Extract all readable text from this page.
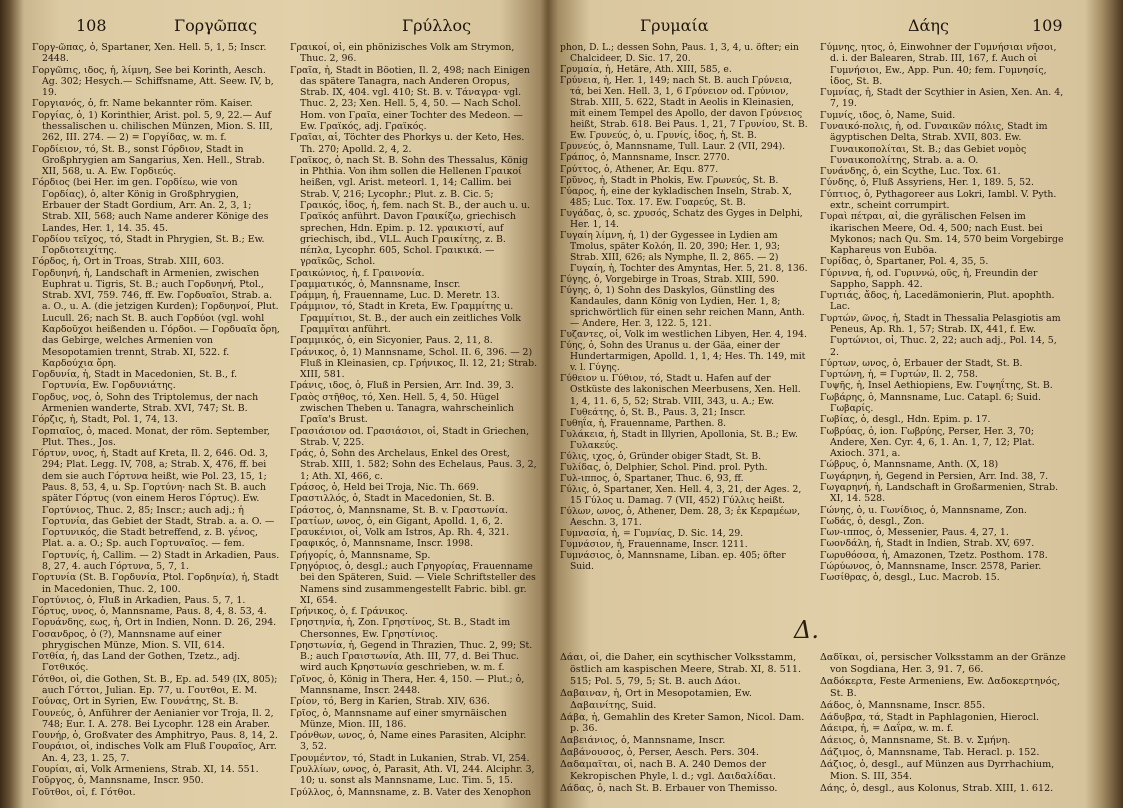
108	Γοργῶπας	Γρύλλος

Γοργ-ῶπας, ὁ, Spartaner, Xen. Hell. 5, 1, 5; Inscr. 2448.

Γοργῶπις, ιδος, ἡ, λίμνη, See bei Korinth, Aesch. Ag. 302; Hesych.— Schiffsname, Att. Seew. IV, b, 19.

Γοργιανός, ὁ, fr. Name bekannter röm. Kaiser.

Γοργίας, ὁ, 1) Korinthier, Arist. pol. 5, 9, 22.— Auf thessalischen u. chilischen Münzen, Mion. S. III, 262, III. 274. — 2) = Γοργίδας, w. m. f.

Γορδίειον, τό, St. B., sonst Γόρδιον, Stadt in Großphrygien am Sangarius, Xen. Hell., Strab. XII, 568, u. A. Ew. Γορδιεύς.

Γόρδιος (bei Her. im gen. Γορδίεω, wie von Γορδίας), ὁ, alter König in Großphrygien, Erbauer der Stadt Gordium, Arr. An. 2, 3, 1; Strab. XII, 568; auch Name anderer Könige des Landes, Her. 1, 14. 35. 45.

Γορδίου τεῖχος, τό, Stadt in Phrygien, St. B.; Ew. Γορδιοτειχίτης.

Γόρδος, ἡ, Ort in Troas, Strab. XIII, 603.

Γορδυηνή, ἡ, Landschaft in Armenien, zwischen Euphrat u. Tigris, St. B.; auch Γορδυηνή, Ptol., Strab. XVI, 759. 746, ff. Ew. Γορδυαῖοι, Strab. a. a. O., u. A. (die jetzigen Kurden); Γορδυηνοί, Plut. Lucull. 26; nach St. B. auch Γορδύοι (vgl. wohl Καρδοῦχοι heißenden u. Γόρδοι. — Γορδυαῖα ὄρη, das Gebirge, welches Armenien von Mesopotamien trennt, Strab. XI, 522. f. Καρδούχια ὄρη.

Γορδυνία, ἡ, Stadt in Macedonien, St. B., f. Γορτυνία, Ew. Γορδυνιάτης.

Γορδυς, νος, ὁ, Sohn des Triptolemus, der nach Armenien wanderte, Strab. XVI, 747; St. B.

Γόρζις, ἡ, Stadt, Pol. 1, 74, 13.

Γορπιαῖος, ὁ, maced. Monat, der röm. September, Plut. Thes., Jos.

Γόρτυν, υνος, ἡ, Stadt auf Kreta, Il. 2, 646. Od. 3, 294; Plat. Legg. IV, 708, a; Strab. X, 476, ff. bei dem sie auch Γόρτυνα heißt, wie Pol. 23, 15, 1; Paus. 8, 53, 4, u. Sp. Γορτύνη· nach St. B. auch später Γόρτυς (von einem Heros Γόρτυς). Ew. Γορτύνιος, Thuc. 2, 85; Inscr.; auch adj.; ἡ Γορτυνία, das Gebiet der Stadt, Strab. a. a. O. — Γορτυνικός, die Stadt betreffend, z. B. γένος, Plat. a. a. O.; Sp. auch Γορτυναῖος. — fem. Γορτυνίς, ἡ, Callim. — 2) Stadt in Arkadien, Paus. 8, 27, 4. auch Γόρτυνα, 5, 7, 1.

Γορτυνία (St. B. Γορδυνία, Ptol. Γορδηνία), ἡ, Stadt in Macedonien, Thuc. 2, 100.

Γορτύνιος, ὁ, Fluß in Arkadien, Paus. 5, 7, 1.

Γόρτυς, υνος, ὁ, Mannsname, Paus. 8, 4, 8. 53, 4.

Γορυάνδης, εως, ἡ, Ort in Indien, Nonn. D. 26, 294.

Γοσανδρος, ὁ (?), Mannsname auf einer phrygischen Münze, Mion. S. VII, 614.

Γοτθία, ἡ, das Land der Gothen, Tzetz., adj. Γοτθικός.

Γότθοι, οἱ, die Gothen, St. B., Ep. ad. 549 (IX, 805); auch Γόττοι, Julian. Ep. 77, u. Γουτθοι, E. M.

Γούνας, Ort in Syrien, Ew. Γουνάτης, St. B.

Γουνεύς, ὁ, Anführer der Aenianier vor Troja, Il. 2, 748; Eur. I. A. 278. Bei Lycophr. 128 ein Araber.

Γουνήρ, ὁ, Großvater des Amphitryo, Paus. 8, 14, 2.

Γουράιοι, οἱ, indisches Volk am Fluß Γουραῖος, Arr. An. 4, 23, 1. 25, 7.

Γουρίαι, αἱ, Volk Armeniens, Strab. XI, 14. 551.

Γοῦργος, ὁ, Mannsname, Inscr. 950.

Γοῦτθοι, οἱ, f. Γότθοι.

Γραικοί, οἱ, ein phönizisches Volk am Strymon, Thuc. 2, 96.

Γραῖα, ἡ, Stadt in Böotien, Il. 2, 498; nach Einigen das spätere Tanagra, nach Anderen Oropus, Strab. IX, 404. vgl. 410; St. B. v. Τάναγρα· vgl. Thuc. 2, 23; Xen. Hell. 5, 4, 50. — Nach Schol. Hom. von Γραῖα, einer Tochter des Medeon. — Ew. Γραϊκός, adj. Γραϊκός.

Γραῖαι, αἱ, Töchter des Phorkys u. der Keto, Hes. Th. 270; Apolld. 2, 4, 2.

Γραῖκος, ὁ, nach St. B. Sohn des Thessalus, König in Phthia. Von ihm sollen die Hellenen Γραικοί heißen, vgl. Arist. meteorl. 1, 14; Callim. bei Strab. V, 216; Lycophr.; Plut. z. B. Cic. 5; Γραικός, ἰδος, ἡ, fem. nach St. B., der auch u. u. Γραϊκός anführt. Davon Γραικίζω, griechisch sprechen, Hdn. Epim. p. 12. γραικιστί, auf griechisch, ibd., VLL. Auch Γραικίτης, z. B. πέπλα, Lycophr. 605, Schol. Γραικικά. — γραϊκῶς, Schol.

Γραικώνιος, ἡ, f. Γραινονία.

Γραμματικός, ὁ, Mannsname, Inscr.

Γράμμη, ἡ, Frauenname, Luc. D. Meretr. 13.

Γράμμιον, τό, Stadt in Kreta, Ew. Γραμμίτης u. Γραμμίτιοι, St. B., der auch ein zeitliches Volk Γραμμῖται anführt.

Γραμμικός, ὁ, ein Sicyonier, Paus. 2, 11, 8.

Γράνικος, ὁ, 1) Mannsname, Schol. II. 6, 396. — 2) Fluß in Kleinasien, cp. Γρήνικος, Il. 12, 21; Strab. XIII, 581.

Γράνις, ιδος, ὁ, Fluß in Persien, Arr. Ind. 39, 3.

Γραὸς στῆθος, τό, Xen. Hell. 5, 4, 50. Hügel zwischen Theben u. Tanagra, wahrscheinlich Γραῖα's Brust.

Γρασιάσιον od. Γρασιάσιοι, οἱ, Stadt in Griechen, Strab. V, 225.

Γράς, ὁ, Sohn des Archelaus, Enkel des Orest, Strab. XIII, 1. 582; Sohn des Echelaus, Paus. 3, 2, 1; Ath. XI, 466, c.

Γράσος, ὁ, Held bei Troja, Nic. Th. 669.

Γραστιλλός, ὁ, Stadt in Macedonien, St. B.

Γράστος, ὁ, Mannsname, St. B. v. Γραστωνία.

Γρατίων, ωνος, ὁ, ein Gigant, Apolld. 1, 6, 2.

Γραυκένιοι, οἱ, Volk am Istros, Ap. Rh. 4, 321.

Γραφικός, ὁ, Mannsname, Inscr. 1998.

Γρήγορίς, ὁ, Mannsname, Sp.

Γρηγόριος, ὁ, desgl.; auch Γρηγορίας, Frauenname bei den Späteren, Suid. — Viele Schriftsteller des Namens sind zusammengestellt Fabric. bibl. gr. XI, 654.

Γρήνικος, ὁ, f. Γράνικος.

Γρηστηνία, ἡ, Zon. Γρηστίνος, St. B., Stadt im Chersonnes, Ew. Γρηστίνιος.

Γρηστωνία, ἡ, Gegend in Thrazien, Thuc. 2, 99; St. B.; auch Γραιστωνία, Ath. III, 77, d. Bei Thuc. wird auch Κρηστωνία geschrieben, w. m. f.

Γρῖνος, ὁ, König in Thera, Her. 4, 150. — Plut.; ὁ, Mannsname, Inscr. 2448.

Γρίον, τό, Berg in Karien, Strab. XIV, 636.

Γρῖος, ὁ, Mannsname auf einer smyrnäischen Münze, Mion. III, 186.

Γρόνθων, ωνος, ὁ, Name eines Parasiten, Alciphr. 3, 52.

Γρουμέντον, τό, Stadt in Lukanien, Strab. VI, 254.

Γρυλλίων, ωνος, ὁ, Parasit, Ath. VI, 244. Alciphr. 3, 10; u. sonst als Mannsname, Luc. Tim. 5, 15.

Γρύλλος, ὁ, Mannsname, z. B. Vater des Xenophon

Γρυμαία	Δάης	109

phon, D. L.; dessen Sohn, Paus. 1, 3, 4, u. öfter; ein Chalcideer, D. Sic. 17, 20.

Γρυμαία, ἡ, Hetäre, Ath. XIII, 585, e.

Γρύνεια, ἡ, Her. 1, 149; nach St. B. auch Γρύνεια, τά, bei Xen. Hell. 3, 1, 6 Γρύνειον od. Γρύνιον, Strab. XIII, 5. 622, Stadt in Aeolis in Kleinasien, mit einem Tempel des Apollo, der davon Γρύνειος heißt, Strab. 618. Bei Paus. 1, 21, 7 Γρυνίου, St. B. Ew. Γρυνεύς, ὁ, u. Γρυνίς, ἰδος, ἡ, St. B.

Γρυνεύς, ὁ, Mannsname, Tull. Laur. 2 (VII, 294).

Γράπος, ὁ, Mannsname, Inscr. 2770.

Γρύττος, ὁ, Athener, Ar. Equ. 877.

Γρῦνος, ἡ, Stadt in Phokis, Ew. Γρωνεύς, St. B.

Γύαρος, ἡ, eine der kykladischen Inseln, Strab. X, 485; Luc. Tox. 17. Ew. Γυαρεύς, St. B.

Γυγάδας, ὁ, sc. χρυσός, Schatz des Gyges in Delphi, Her. 1, 14.

Γυγαίη λίμνη, ἡ, 1) der Gygessee in Lydien am Tmolus, später Κολόη, Il. 20, 390; Her. 1, 93; Strab. XIII, 626; als Nymphe, Il. 2, 865. — 2) Γυγαίη, ἡ, Tochter des Amyntas, Her. 5, 21. 8, 136.

Γύγης, ὁ, Vorgebirge in Troas, Strab. XIII, 590.

Γύγης, ὁ, 1) Sohn des Daskylos, Günstling des Kandaules, dann König von Lydien, Her. 1, 8; sprichwörtlich für einen sehr reichen Mann, Anth. — Andere, Her. 3, 122. 5, 121.

Γυζαντες, οἱ, Volk im westlichen Libyen, Her. 4, 194.

Γύης, ὁ, Sohn des Uranus u. der Gäa, einer der Hundertarmigen, Apolld. 1, 1, 4; Hes. Th. 149, mit v. l. Γύγης.

Γύθειον u. Γύθιον, τό, Stadt u. Hafen auf der Ostküste des lakonischen Meerbusens, Xen. Hell. 1, 4, 11. 6, 5, 52; Strab. VIII, 343, u. A.; Ew. Γυθεάτης, ὁ, St. B., Paus. 3, 21; Inscr.

Γυθηΐα, ἡ, Frauenname, Parthen. 8.

Γυλάκεια, ἡ, Stadt in Illyrien, Apollonia, St. B.; Ew. Γυλακεύς.

Γύλις, ιχος, ὁ, Gründer obiger Stadt, St. B.

Γυλίδας, ὁ, Delphier, Schol. Pind. prol. Pyth.

Γυλ-ιππος, ὁ, Spartaner, Thuc. 6, 93, ff.

Γύλις, ὁ, Spartaner, Xen. Hell. 4, 3, 21, der Ages. 2, 15 Γύλος u. Damag. 7 (VII, 452) Γύλλις heißt.

Γύλων, ωνος, ὁ, Athener, Dem. 28, 3; ἐκ Κεραμέων, Aeschn. 3, 171.

Γυμνασία, ἡ, = Γυμνίας, D. Sic. 14, 29.

Γυμνάσιον, ἡ, Frauenname, Inscr. 1211.

Γυμνάσιος, ὁ, Mannsname, Liban. ep. 405; öfter Suid.

Γύμνης, ητος, ὁ, Einwohner der Γυμνήσιαι νῆσοι, d. i. der Balearen, Strab. III, 167, f. Auch οἱ Γυμνήσιοι, Ew., App. Pun. 40; fem. Γυμνησίς, ἰδος, St. B.

Γυμνίας, ἡ, Stadt der Scythier in Asien, Xen. An. 4, 7, 19.

Γυμνίς, ιδος, ὁ, Name, Suid.

Γυναικό-πολις, ἡ, od. Γυναικῶν πόλις, Stadt im ägyptischen Delta, Strab. XVII, 803. Ew. Γυναικοπολίται, St. B.; das Gebiet νομὸς Γυναικοπολίτης, Strab. a. a. O.

Γυνάνδης, ὁ, ein Scythe, Luc. Tox. 61.

Γύνδης, ὁ, Fluß Assyriens, Her. 1, 189. 5, 52.

Γύπτιος, ὁ, Pythagoreer aus Lokri, Iambl. V. Pyth. extr., scheint corrumpirt.

Γυραὶ πέτραι, αἱ, die gyrälischen Felsen im ikarischen Meere, Od. 4, 500; nach Eust. bei Mykonos; nach Qu. Sm. 14, 570 beim Vorgebirge Kaphareus von Euböa.

Γυρίδας, ὁ, Spartaner, Pol. 4, 35, 5.

Γύριννα, ἡ, od. Γυριννώ, οῦς, ἡ, Freundin der Sappho, Sapph. 42.

Γυρτιάς, ἄδος, ἡ, Lacedämonierin, Plut. apophth. Lac.

Γυρτών, ῶνος, ἡ, Stadt in Thessalia Pelasgiotis am Peneus, Ap. Rh. 1, 57; Strab. IX, 441, f. Ew. Γυρτώνιοι, οἱ, Thuc. 2, 22; auch adj., Pol. 14, 5, 2.

Γύρτων, ωνος, ὁ, Erbauer der Stadt, St. B.

Γυρτώνη, ἡ, = Γυρτών, Il. 2, 758.

Γυψῆς, ἡ, Insel Aethiopiens, Ew. Γυψηΐτης, St. B.

Γωβάρης, ὁ, Mannsname, Luc. Catapl. 6; Suid. Γωβαρίς.

Γωβίας, ὁ, desgl., Hdn. Epim. p. 17.

Γωβρύας, ὁ, ion. Γωβρύης, Perser, Her. 3, 70; Andere, Xen. Cyr. 4, 6, 1. An. 1, 7, 12; Plat. Axioch. 371, a.

Γώβρυς, ὁ, Mannsname, Anth. (X, 18)

Γωγάρηνη, ἡ, Gegend in Persien, Arr. Ind. 38, 7.

Γωγαρηνή, ἡ, Landschaft in Großarmenien, Strab. XI, 14. 528.

Γώνης, ὁ, u. Γωνίδιος, ὁ, Mannsname, Zon.

Γωδάς, ὁ, desgl., Zon.

Γων-ιππος, ὁ, Messenier, Paus. 4, 27, 1.

Γωονδάλη, ἡ, Stadt in Indien, Strab. XV, 697.

Γωρυθόσσα, ἡ, Amazonen, Tzetz. Posthom. 178.

Γώρύωνος, ὁ, Mannsname, Inscr. 2578, Parier.

Γωσίθρας, ὁ, desgl., Luc. Macrob. 15.

Δ.

Δάαι, οἱ, die Daher, ein scythischer Volksstamm, östlich am kaspischen Meere, Strab. XI, 8. 511. 515; Pol. 5, 79, 5; St. B. auch Δάοι.

Δαβαιναν, ἡ, Ort in Mesopotamien, Ew. Δαβαινίτης, Suid.

Δάβα, ἡ, Gemahlin des Kreter Samon, Nicol. Dam. p. 36.

Δαβειάνιος, ὁ, Mannsname, Inscr.

Δαβάνουσος, ὁ, Perser, Aesch. Pers. 304.

Δαδαμαῖται, οἱ, nach B. A. 240 Demos der Kekropischen Phyle, l. d.; vgl. Δαιδαλίδαι.

Δάδας, ὁ, nach St. B. Erbauer von Themisso.

Δαδῖκαι, οἱ, persischer Volksstamm an der Gränze von Sogdiana, Her. 3, 91. 7, 66.

Δαδόκερτα, Feste Armeniens, Ew. Δαδοκερτηνός, St. B.

Δάδος, ὁ, Mannsname, Inscr. 855.

Δάδυβρα, τά, Stadt in Paphlagonien, Hierocl.

Δάειρα, ἡ, = Δαΐρα, w. m. f.

Δάειος, ὁ, Mannsname, St. B. v. Σμήνη.

Δάζιμος, ὁ, Mannsname, Tab. Heracl. p. 152.

Δάζιος, ὁ, desgl., auf Münzen aus Dyrrhachium, Mion. S. III, 354.

Δάης, ὁ, desgl., aus Kolonus, Strab. XIII, 1. 612.
